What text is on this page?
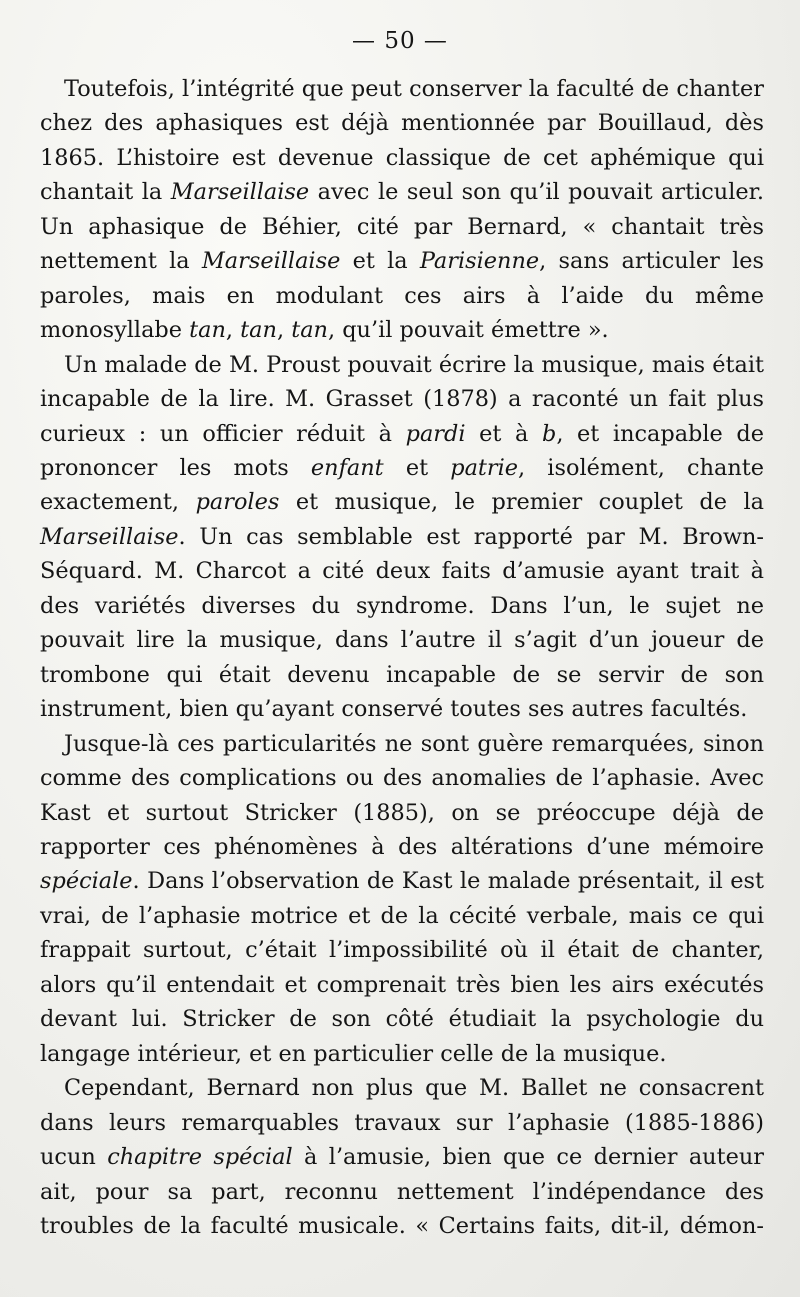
— 50 —

Toutefois, l’intégrité que peut conserver la faculté de chanter chez des aphasiques est déjà mentionnée par Bouillaud, dès 1865. L’histoire est devenue classique de cet aphémique qui chantait la Marseillaise avec le seul son qu’il pouvait articuler. Un aphasique de Béhier, cité par Bernard, « chantait très nettement la Marseillaise et la Parisienne, sans articuler les paroles, mais en modulant ces airs à l’aide du même monosyllabe tan, tan, tan, qu’il pouvait émettre ».

Un malade de M. Proust pouvait écrire la musique, mais était incapable de la lire. M. Grasset (1878) a raconté un fait plus curieux : un officier réduit à pardi et à b, et incapable de prononcer les mots enfant et patrie, isolément, chante exactement, paroles et musique, le premier couplet de la Marseillaise. Un cas semblable est rapporté par M. Brown-Séquard. M. Charcot a cité deux faits d’amusie ayant trait à des variétés diverses du syndrome. Dans l’un, le sujet ne pouvait lire la musique, dans l’autre il s’agit d’un joueur de trombone qui était devenu incapable de se servir de son instrument, bien qu’ayant conservé toutes ses autres facultés.

Jusque-là ces particularités ne sont guère remarquées, sinon comme des complications ou des anomalies de l’aphasie. Avec Kast et surtout Stricker (1885), on se préoccupe déjà de rapporter ces phénomènes à des altérations d’une mémoire spéciale. Dans l’observation de Kast le malade présentait, il est vrai, de l’aphasie motrice et de la cécité verbale, mais ce qui frappait surtout, c’était l’impossibilité où il était de chanter, alors qu’il entendait et comprenait très bien les airs exécutés devant lui. Stricker de son côté étudiait la psychologie du langage intérieur, et en particulier celle de la musique.

Cependant, Bernard non plus que M. Ballet ne consacrent dans leurs remarquables travaux sur l’aphasie (1885-1886) ucun chapitre spécial à l’amusie, bien que ce dernier auteur ait, pour sa part, reconnu nettement l’indépendance des troubles de la faculté musicale. « Certains faits, dit-il, démon-
